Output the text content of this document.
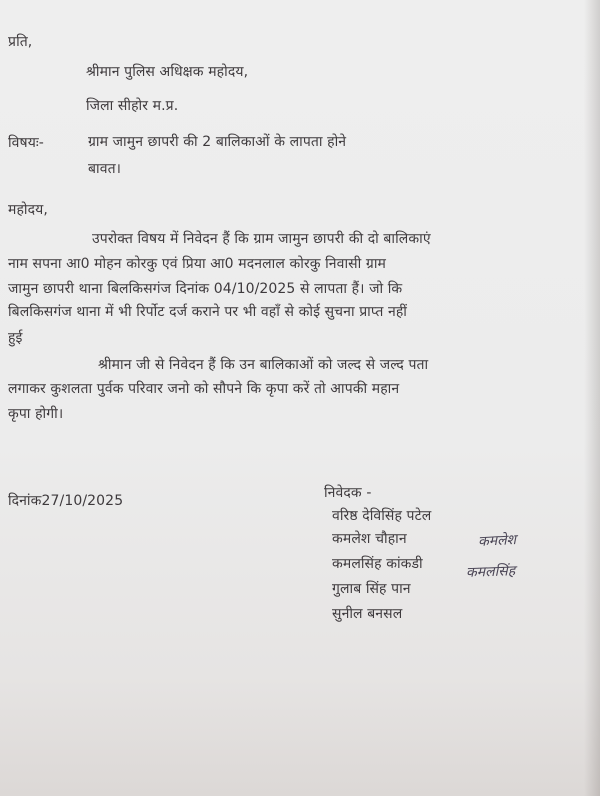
प्रति,
श्रीमान पुलिस अधिक्षक महोदय,
जिला सीहोर म.प्र.
विषयः-	ग्राम जामुन छापरी की 2 बालिकाओं के लापता होने
बावत।
महोदय,
उपरोक्त विषय में निवेदन हैं कि ग्राम जामुन छापरी की दो बालिकाएं
नाम सपना आ0 मोहन कोरकु एवं प्रिया आ0 मदनलाल कोरकु निवासी ग्राम
जामुन छापरी थाना बिलकिसगंज दिनांक 04/10/2025 से लापता हैं। जो कि
बिलकिसगंज थाना में भी रिर्पोट दर्ज कराने पर भी वहाँ से कोई सुचना प्राप्त नहीं
हुई
श्रीमान जी से निवेदन हैं कि उन बालिकाओं को जल्द से जल्द पता
लगाकर कुशलता पुर्वक परिवार जनो को सौपने कि कृपा करें तो आपकी महान
कृपा होगी।
दिनांक27/10/2025	निवेदक -
वरिष्ठ देविसिंह पटेल
कमलेश चौहान
कमलसिंह कांकडी
गुलाब सिंह पान
सुनील बनसल
कमलेश
कमलसिंह
